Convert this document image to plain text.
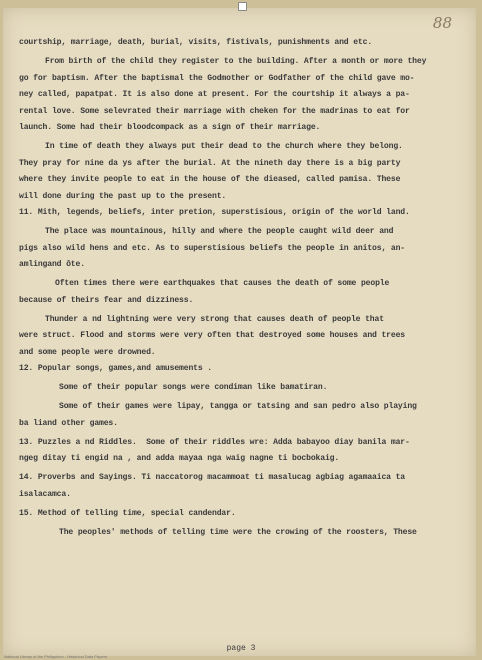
88
courtship, marriage, death, burial, visits, fistivals, punishments and etc.
From birth of the child they register to the building. After a month or more they
go for baptism. After the baptismal the Godmother or Godfather of the child gave mo-
ney called, papatpat. It is also done at present. For the courtship it always a pa-
rental love. Some selevrated their marriage with cheken for the madrinas to eat for
launch. Some had their bloodcompack as a sign of their marriage.
In time of death they always put their dead to the church where they belong.
They pray for nine da ys after the burial. At the nineth day there is a big party
where they invite people to eat in the house of the dieased, called pamisa. These
will done during the past up to the present.
11. Mith, legends, beliefs, inter pretion, superstisious, origin of the world land.
The place was mountainous, hilly and where the people caught wild deer and
pigs also wild hens and etc. As to superstisious beliefs the people in anitos, an-
amlingand ôte.
Often times there were earthquakes that causes the death of some people
because of theirs fear and dizziness.
Thunder a nd lightning were very strong that causes death of people that
were struct. Flood and storms were very often that destroyed some houses and trees
and some people were drowned.
12. Popular songs, games,and amusements .
Some of their popular songs were condiman like bamatiran.
Some of their games were lipay, tangga or tatsing and san pedro also playing
ba liand other games.
13. Puzzles a nd Riddles.  Some of their riddles wre: Adda babayoo diay banila mar-
ngeg ditay ti engid na , and adda mayaa nga waig nagne ti bocbokaig.
14. Proverbs and Sayings. Ti naccatorog macammoat ti masalucag agbiag agamaaica ta
isalacamca.
15. Method of telling time, special candendar.
The peoples' methods of telling time were the crowing of the roosters, These
page 3
National Library of the Philippines - Historical Data Papers
